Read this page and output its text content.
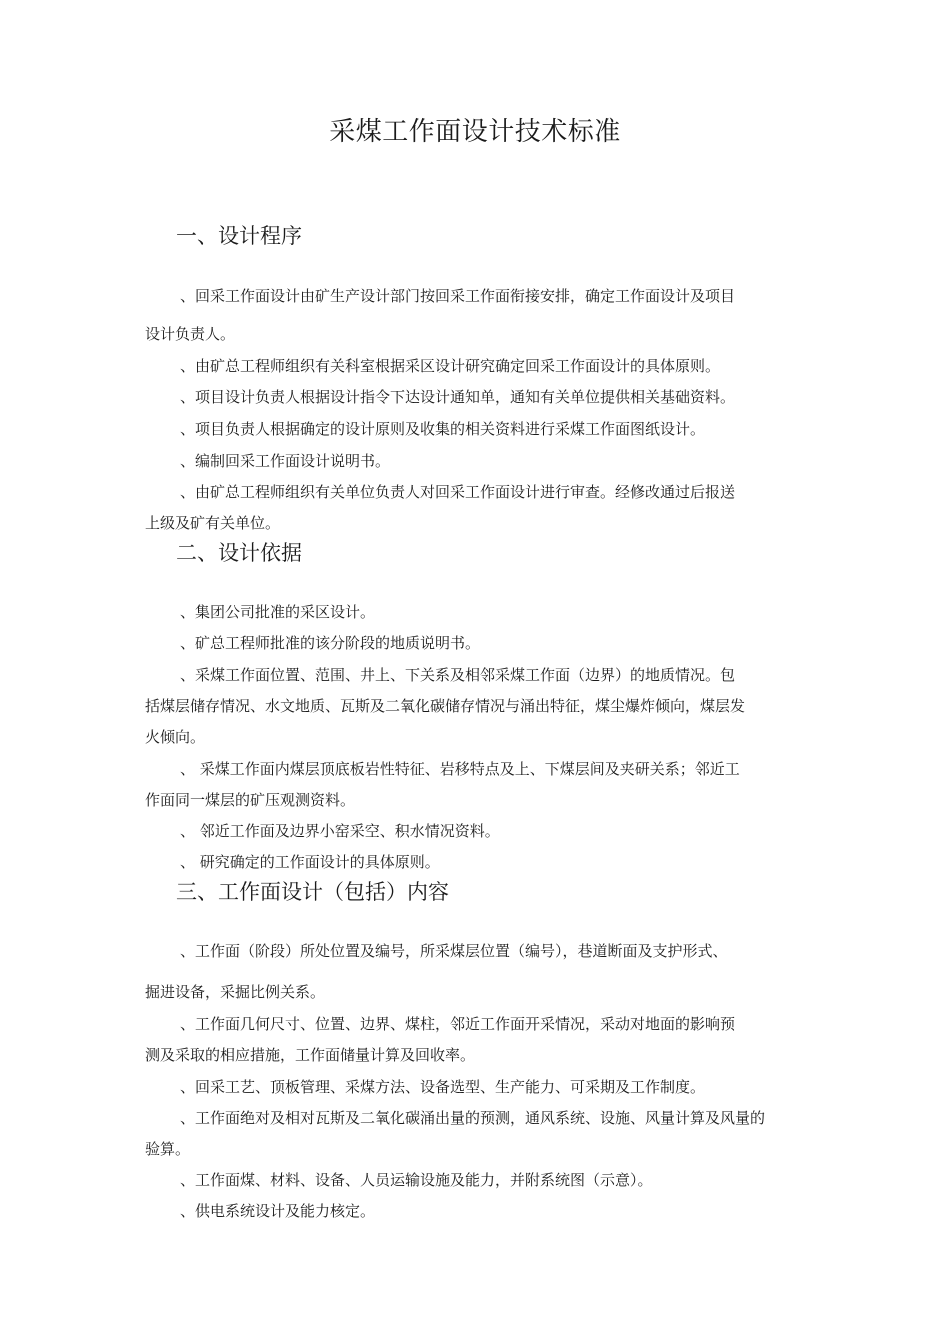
采煤工作面设计技术标准
一、设计程序
、回采工作面设计由矿生产设计部门按回采工作面衔接安排，确定工作面设计及项目
设计负责人。
、由矿总工程师组织有关科室根据采区设计研究确定回采工作面设计的具体原则。
、项目设计负责人根据设计指令下达设计通知单，通知有关单位提供相关基础资料。
、项目负责人根据确定的设计原则及收集的相关资料进行采煤工作面图纸设计。
、编制回采工作面设计说明书。
、由矿总工程师组织有关单位负责人对回采工作面设计进行审查。经修改通过后报送
上级及矿有关单位。
二、设计依据
、集团公司批准的采区设计。
、矿总工程师批准的该分阶段的地质说明书。
、采煤工作面位置、范围、井上、下关系及相邻采煤工作面（边界）的地质情况。包
括煤层储存情况、水文地质、瓦斯及二氧化碳储存情况与涌出特征，煤尘爆炸倾向，煤层发
火倾向。
、 采煤工作面内煤层顶底板岩性特征、岩移特点及上、下煤层间及夹研关系；邻近工
作面同一煤层的矿压观测资料。
、 邻近工作面及边界小窑采空、积水情况资料。
、 研究确定的工作面设计的具体原则。
三、工作面设计（包括）内容
、工作面（阶段）所处位置及编号，所采煤层位置（编号），巷道断面及支护形式、
掘进设备，采掘比例关系。
、工作面几何尺寸、位置、边界、煤柱，邻近工作面开采情况，采动对地面的影响预
测及采取的相应措施，工作面储量计算及回收率。
、回采工艺、顶板管理、采煤方法、设备选型、生产能力、可采期及工作制度。
、工作面绝对及相对瓦斯及二氧化碳涌出量的预测，通风系统、设施、风量计算及风量的
验算。
、工作面煤、材料、设备、人员运输设施及能力，并附系统图（示意）。
、供电系统设计及能力核定。
